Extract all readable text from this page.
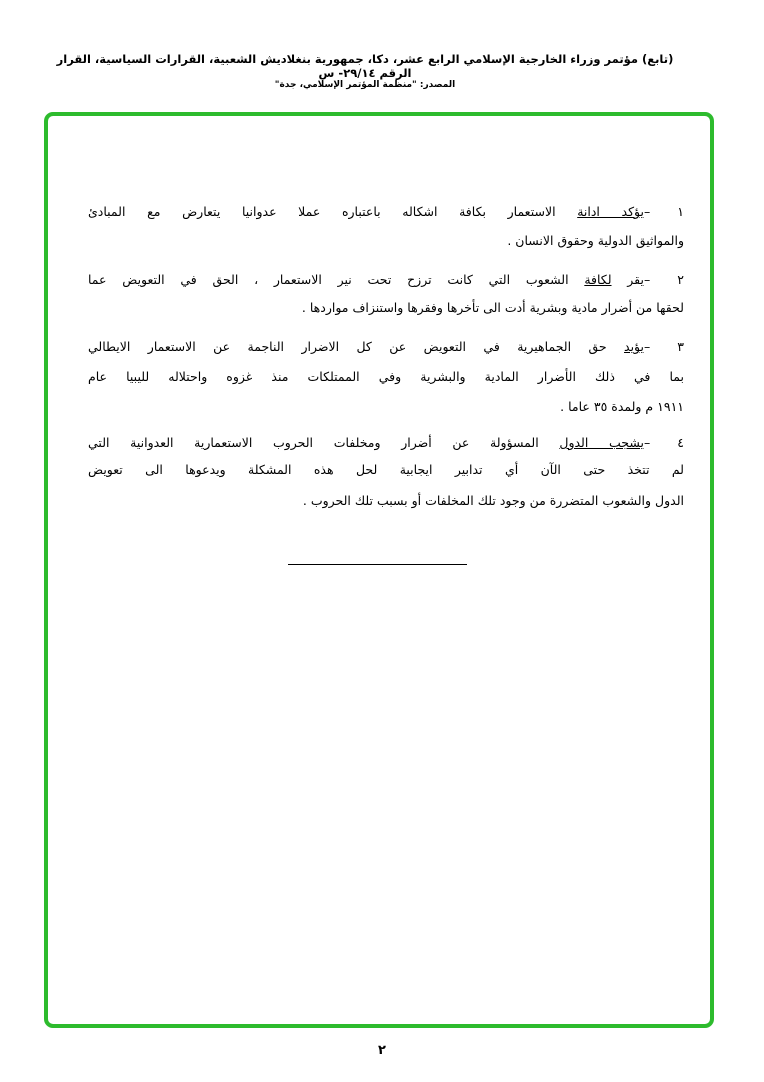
(تابع) مؤتمر وزراء الخارجية الإسلامي الرابع عشر، دكا، جمهورية بنغلاديش الشعبية، القرارات السياسية، القرار الرقم ٢٩/١٤- س
المصدر: "منظمة المؤتمر الإسلامي، جدة"
١ –يؤكد ادانة الاستعمار بكافة اشكاله باعتباره عملا عدوانيا يتعارض مع المبادئ
والمواثيق الدولية وحقوق الانسان .
٢ –يقر لكافة الشعوب التي كانت ترزح تحت نير الاستعمار ، الحق في التعويض عما
لحقها من أضرار مادية وبشرية أدت الى تأخرها وفقرها واستنزاف مواردها .
٣ –يؤيد حق الجماهيرية في التعويض عن كل الاضرار الناجمة عن الاستعمار الايطالي
بما في ذلك الأضرار المادية والبشرية وفي الممتلكات منذ غزوه واحتلاله لليبيا عام
١٩١١ م ولمدة ٣٥ عاما .
٤ –يشجب الدول المسؤولة عن أضرار ومخلفات الحروب الاستعمارية العدوانية التي
لم تتخذ حتى الآن أي تدابير ايجابية لحل هذه المشكلة ويدعوها الى تعويض
الدول والشعوب المتضررة من وجود تلك المخلفات أو بسبب تلك الحروب .
٢
